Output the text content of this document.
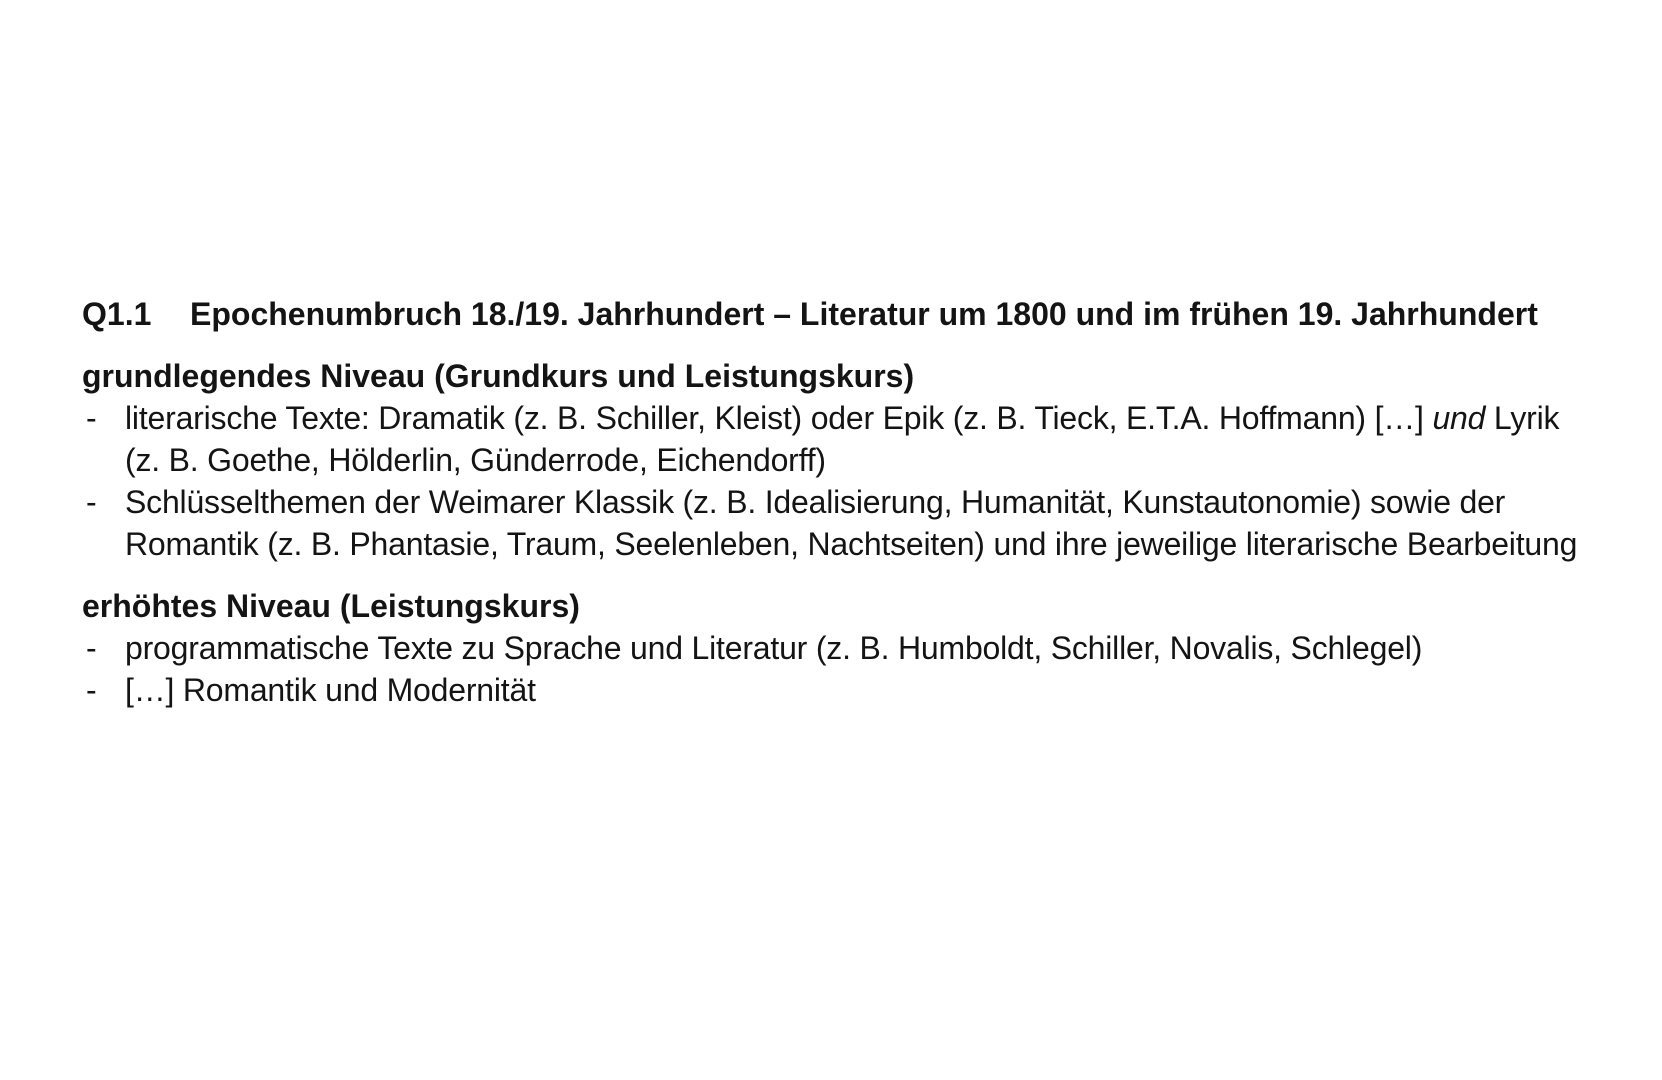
Q1.1	Epochenumbruch 18./19. Jahrhundert – Literatur um 1800 und im frühen 19. Jahrhundert

grundlegendes Niveau (Grundkurs und Leistungskurs)

- literarische Texte: Dramatik (z. B. Schiller, Kleist) oder Epik (z. B. Tieck, E.T.A. Hoffmann) […] und Lyrik (z. B. Goethe, Hölderlin, Günderrode, Eichendorff)
- Schlüsselthemen der Weimarer Klassik (z. B. Idealisierung, Humanität, Kunstautonomie) sowie der Romantik (z. B. Phantasie, Traum, Seelenleben, Nachtseiten) und ihre jeweilige literarische Bearbeitung

erhöhtes Niveau (Leistungskurs)

- programmatische Texte zu Sprache und Literatur (z. B. Humboldt, Schiller, Novalis, Schlegel)
- […] Romantik und Modernität
